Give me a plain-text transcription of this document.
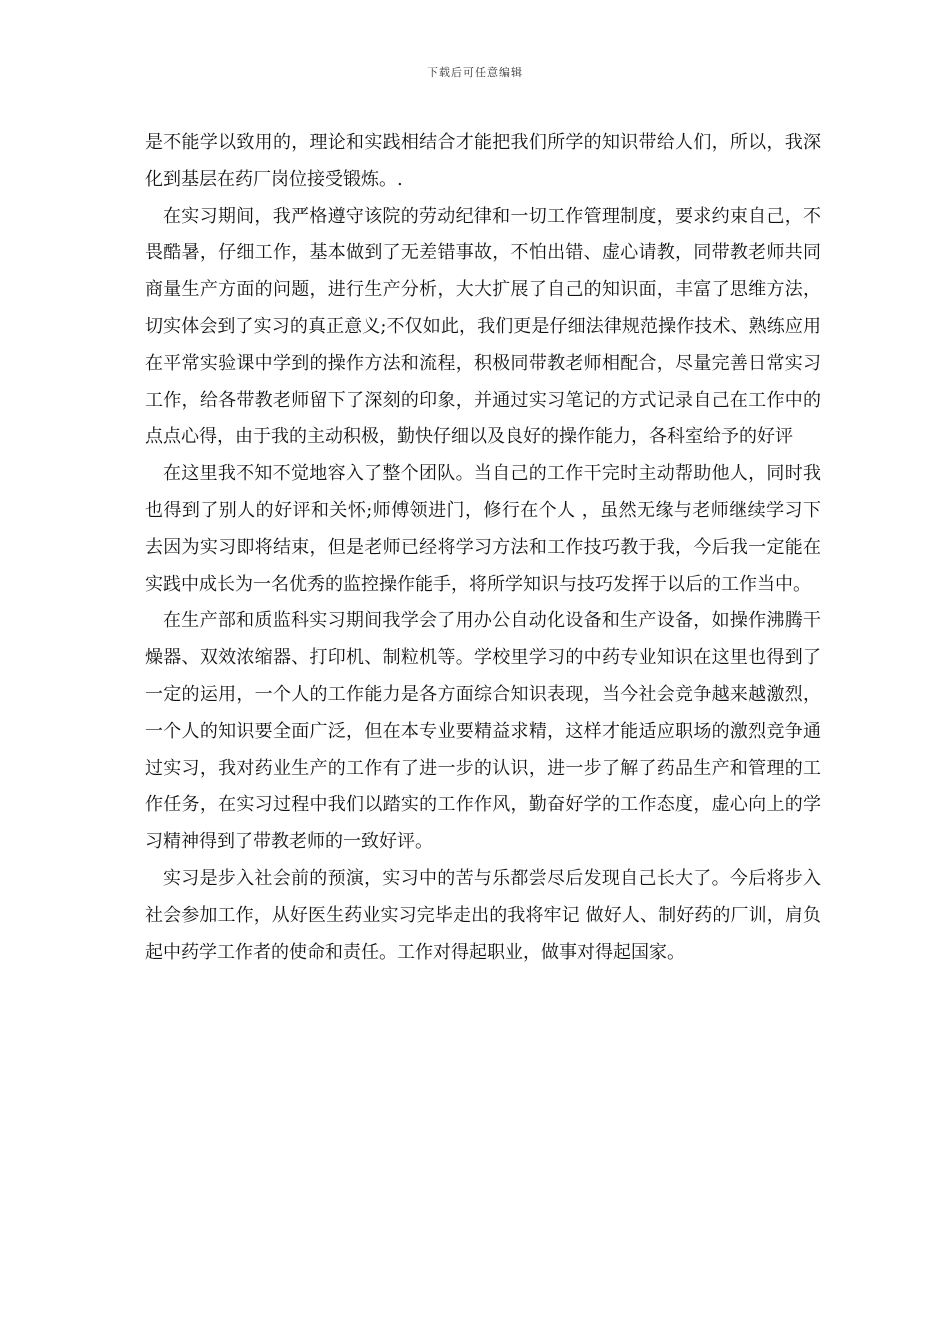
下载后可任意编辑

是不能学以致用的，理论和实践相结合才能把我们所学的知识带给人们，所以，我深化到基层在药厂岗位接受锻炼。.

在实习期间，我严格遵守该院的劳动纪律和一切工作管理制度，要求约束自己，不畏酷暑，仔细工作，基本做到了无差错事故，不怕出错、虚心请教，同带教老师共同商量生产方面的问题，进行生产分析，大大扩展了自己的知识面，丰富了思维方法，切实体会到了实习的真正意义;不仅如此，我们更是仔细法律规范操作技术、熟练应用在平常实验课中学到的操作方法和流程，积极同带教老师相配合，尽量完善日常实习工作，给各带教老师留下了深刻的印象，并通过实习笔记的方式记录自己在工作中的点点心得，由于我的主动积极，勤快仔细以及良好的操作能力，各科室给予的好评

在这里我不知不觉地容入了整个团队。当自己的工作干完时主动帮助他人，同时我也得到了别人的好评和关怀;师傅领进门，修行在个人 ，虽然无缘与老师继续学习下去因为实习即将结束，但是老师已经将学习方法和工作技巧教于我，今后我一定能在实践中成长为一名优秀的监控操作能手，将所学知识与技巧发挥于以后的工作当中。

在生产部和质监科实习期间我学会了用办公自动化设备和生产设备，如操作沸腾干燥器、双效浓缩器、打印机、制粒机等。学校里学习的中药专业知识在这里也得到了一定的运用，一个人的工作能力是各方面综合知识表现，当今社会竞争越来越激烈，一个人的知识要全面广泛，但在本专业要精益求精，这样才能适应职场的激烈竞争通过实习，我对药业生产的工作有了进一步的认识，进一步了解了药品生产和管理的工作任务，在实习过程中我们以踏实的工作作风，勤奋好学的工作态度，虚心向上的学习精神得到了带教老师的一致好评。

实习是步入社会前的预演，实习中的苦与乐都尝尽后发现自己长大了。今后将步入社会参加工作，从好医生药业实习完毕走出的我将牢记 做好人、制好药的厂训，肩负起中药学工作者的使命和责任。工作对得起职业，做事对得起国家。
